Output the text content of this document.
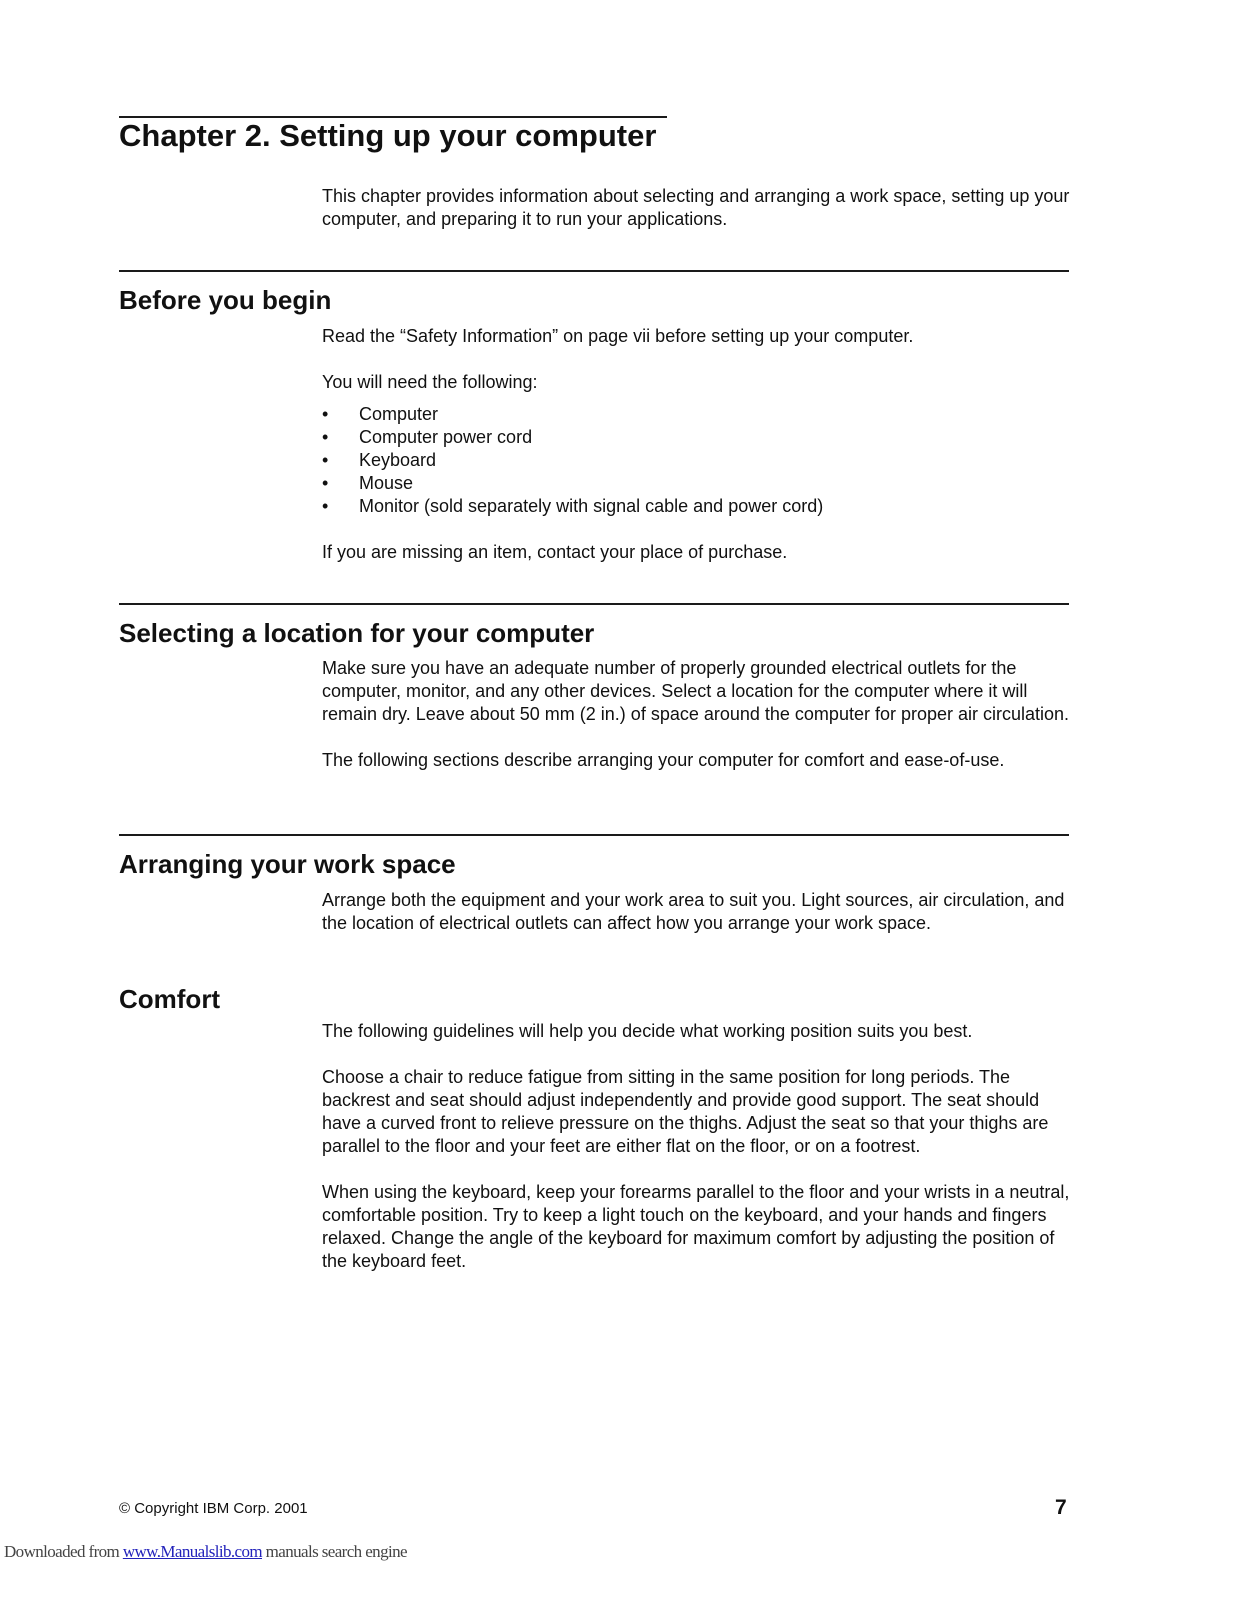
Chapter 2. Setting up your computer

This chapter provides information about selecting and arranging a work space, setting up your computer, and preparing it to run your applications.

Before you begin

Read the “Safety Information” on page vii before setting up your computer.

You will need the following:

• Computer
• Computer power cord
• Keyboard
• Mouse
• Monitor (sold separately with signal cable and power cord)

If you are missing an item, contact your place of purchase.

Selecting a location for your computer

Make sure you have an adequate number of properly grounded electrical outlets for the computer, monitor, and any other devices. Select a location for the computer where it will remain dry. Leave about 50 mm (2 in.) of space around the computer for proper air circulation.

The following sections describe arranging your computer for comfort and ease-of-use.

Arranging your work space

Arrange both the equipment and your work area to suit you. Light sources, air circulation, and the location of electrical outlets can affect how you arrange your work space.

Comfort

The following guidelines will help you decide what working position suits you best.

Choose a chair to reduce fatigue from sitting in the same position for long periods. The backrest and seat should adjust independently and provide good support. The seat should have a curved front to relieve pressure on the thighs. Adjust the seat so that your thighs are parallel to the floor and your feet are either flat on the floor, or on a footrest.

When using the keyboard, keep your forearms parallel to the floor and your wrists in a neutral, comfortable position. Try to keep a light touch on the keyboard, and your hands and fingers relaxed. Change the angle of the keyboard for maximum comfort by adjusting the position of the keyboard feet.

© Copyright IBM Corp. 2001	7
Downloaded from www.Manualslib.com manuals search engine
